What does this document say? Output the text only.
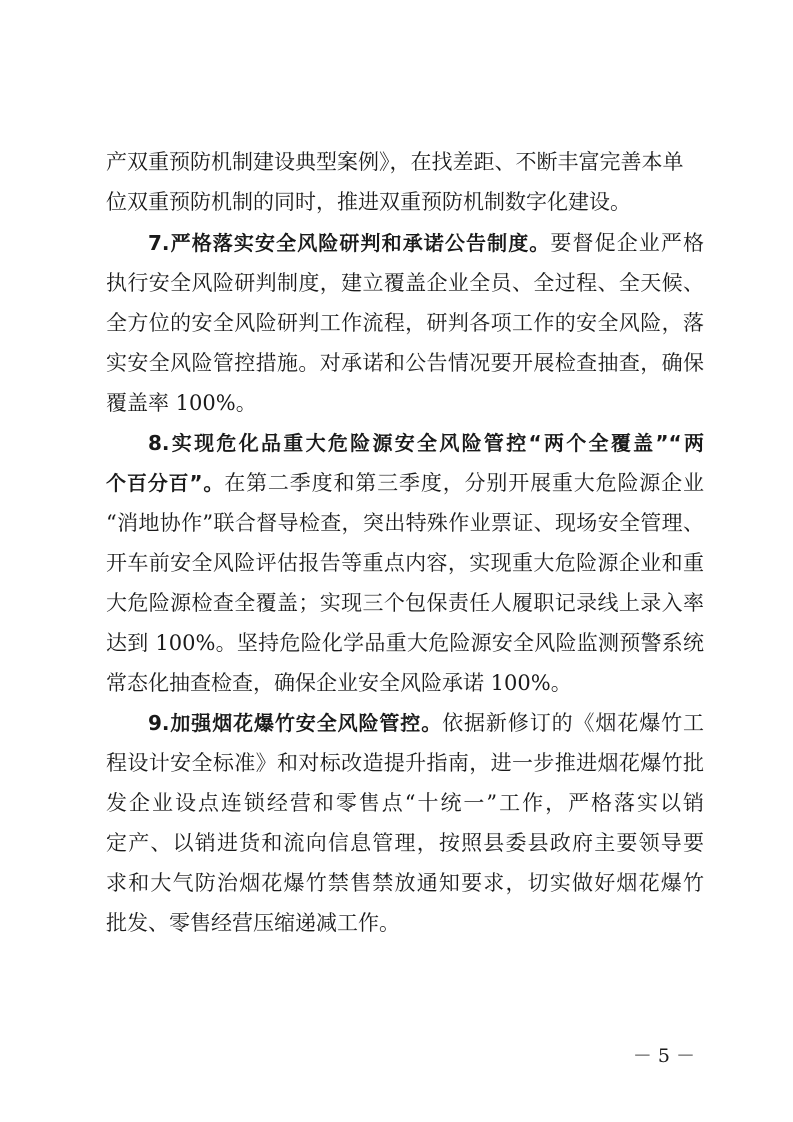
产双重预防机制建设典型案例》，在找差距、不断丰富完善本单
位双重预防机制的同时，推进双重预防机制数字化建设。
7.严格落实安全风险研判和承诺公告制度。要督促企业严格
执行安全风险研判制度，建立覆盖企业全员、全过程、全天候、
全方位的安全风险研判工作流程，研判各项工作的安全风险，落
实安全风险管控措施。对承诺和公告情况要开展检查抽查，确保
覆盖率 100%。
8.实现危化品重大危险源安全风险管控“两个全覆盖”“两
个百分百”。在第二季度和第三季度，分别开展重大危险源企业
“消地协作”联合督导检查，突出特殊作业票证、现场安全管理、
开车前安全风险评估报告等重点内容，实现重大危险源企业和重
大危险源检查全覆盖；实现三个包保责任人履职记录线上录入率
达到 100%。坚持危险化学品重大危险源安全风险监测预警系统
常态化抽查检查，确保企业安全风险承诺 100%。
9.加强烟花爆竹安全风险管控。依据新修订的《烟花爆竹工
程设计安全标准》和对标改造提升指南，进一步推进烟花爆竹批
发企业设点连锁经营和零售点“十统一”工作，严格落实以销
定产、以销进货和流向信息管理，按照县委县政府主要领导要
求和大气防治烟花爆竹禁售禁放通知要求，切实做好烟花爆竹
批发、零售经营压缩递减工作。
－ 5 －
